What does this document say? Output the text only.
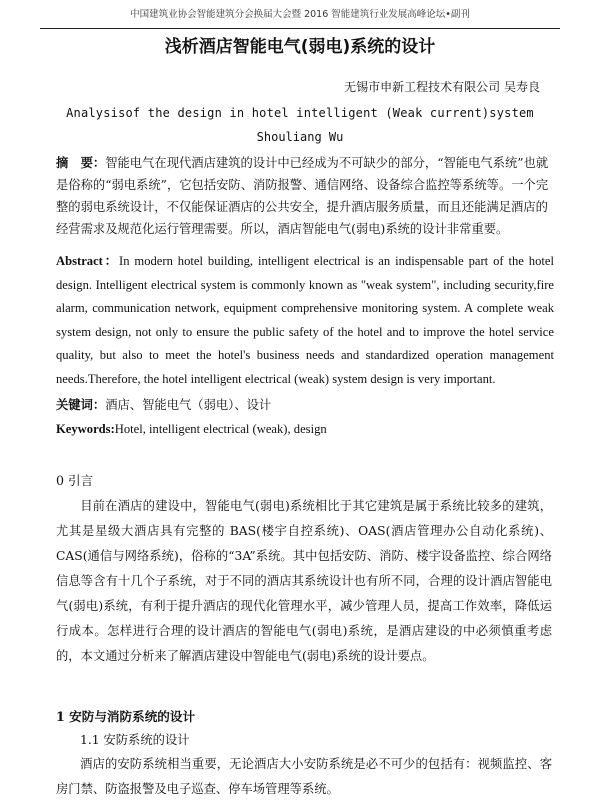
中国建筑业协会智能建筑分会换届大会暨 2016 智能建筑行业发展高峰论坛•副刊
浅析酒店智能电气(弱电)系统的设计
无锡市申新工程技术有限公司 吴寿良
Analysisof the design in hotel intelligent (Weak current)system
Shouliang Wu
摘　要：智能电气在现代酒店建筑的设计中已经成为不可缺少的部分，“智能电气系统”也就是俗称的“弱电系统”，它包括安防、消防报警、通信网络、设备综合监控等系统等。一个完整的弱电系统设计，不仅能保证酒店的公共安全，提升酒店服务质量，而且还能满足酒店的经营需求及规范化运行管理需要。所以，酒店智能电气(弱电)系统的设计非常重要。
Abstract：In modern hotel building, intelligent electrical is an indispensable part of the hotel design. Intelligent electrical system is commonly known as "weak system", including security,fire alarm, communication network, equipment comprehensive monitoring system. A complete weak system design, not only to ensure the public safety of the hotel and to improve the hotel service quality, but also to meet the hotel's business needs and standardized operation management needs.Therefore, the hotel intelligent electrical (weak) system design is very important.
关键词：酒店、智能电气（弱电）、设计
Keywords:Hotel, intelligent electrical (weak), design
0 引言
目前在酒店的建设中，智能电气(弱电)系统相比于其它建筑是属于系统比较多的建筑，尤其是星级大酒店具有完整的 BAS(楼宇自控系统)、OAS(酒店管理办公自动化系统)、CAS(通信与网络系统)，俗称的“3A”系统。其中包括安防、消防、楼宇设备监控、综合网络信息等含有十几个子系统，对于不同的酒店其系统设计也有所不同，合理的设计酒店智能电气(弱电)系统，有利于提升酒店的现代化管理水平，减少管理人员，提高工作效率，降低运行成本。怎样进行合理的设计酒店的智能电气(弱电)系统，是酒店建设的中必须慎重考虑的，本文通过分析来了解酒店建设中智能电气(弱电)系统的设计要点。
1 安防与消防系统的设计
1.1 安防系统的设计
酒店的安防系统相当重要，无论酒店大小安防系统是必不可少的包括有：视频监控、客房门禁、防盗报警及电子巡查、停车场管理等系统。
